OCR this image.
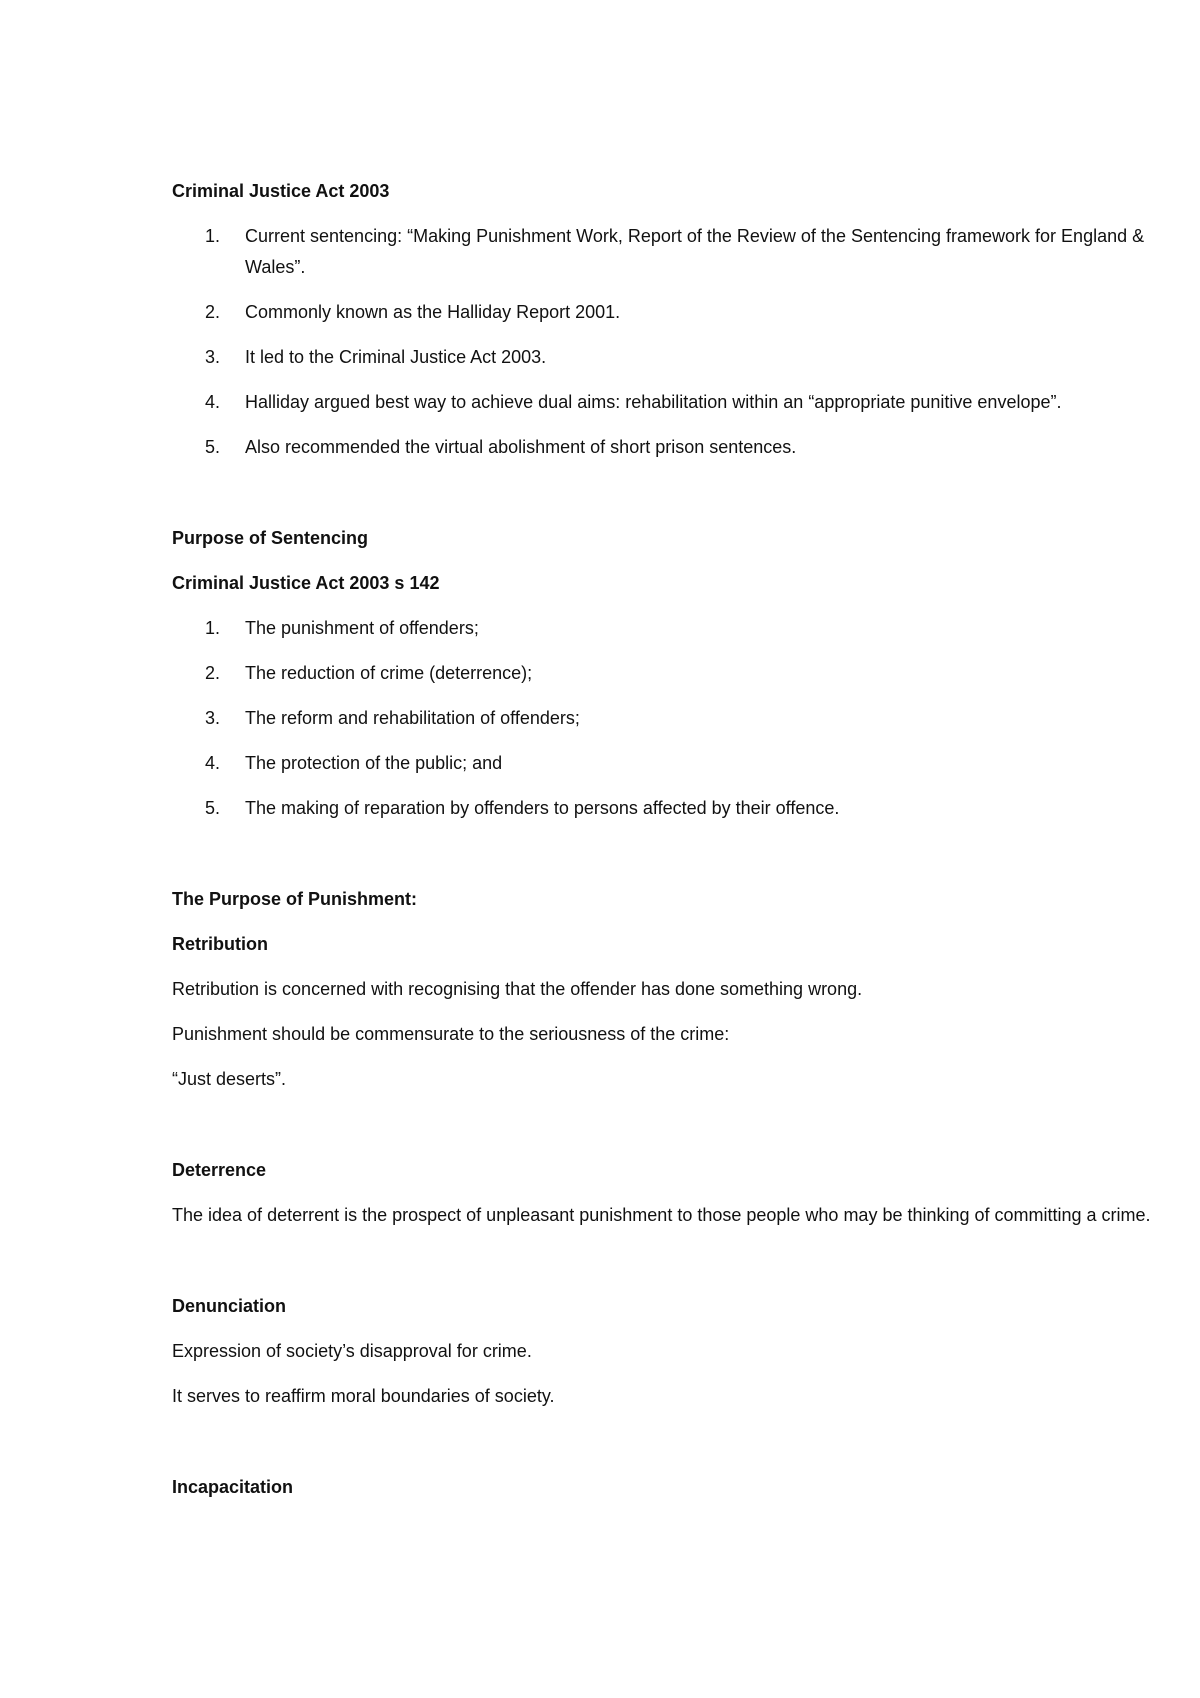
Criminal Justice Act 2003
1.	Current sentencing: “Making Punishment Work, Report of the Review of the Sentencing framework for England & Wales”.
2.	Commonly known as the Halliday Report 2001.
3.	It led to the Criminal Justice Act 2003.
4.	Halliday argued best way to achieve dual aims: rehabilitation within an “appropriate punitive envelope”.
5.	Also recommended the virtual abolishment of short prison sentences.
Purpose of Sentencing
Criminal Justice Act 2003 s 142
1.	The punishment of offenders;
2.	The reduction of crime (deterrence);
3.	The reform and rehabilitation of offenders;
4.	The protection of the public; and
5.	The making of reparation by offenders to persons affected by their offence.
The Purpose of Punishment:
Retribution
Retribution is concerned with recognising that the offender has done something wrong.
Punishment should be commensurate to the seriousness of the crime:
“Just deserts”.
Deterrence
The idea of deterrent is the prospect of unpleasant punishment to those people who may be thinking of committing a crime.
Denunciation
Expression of society’s disapproval for crime.
It serves to reaffirm moral boundaries of society.
Incapacitation
